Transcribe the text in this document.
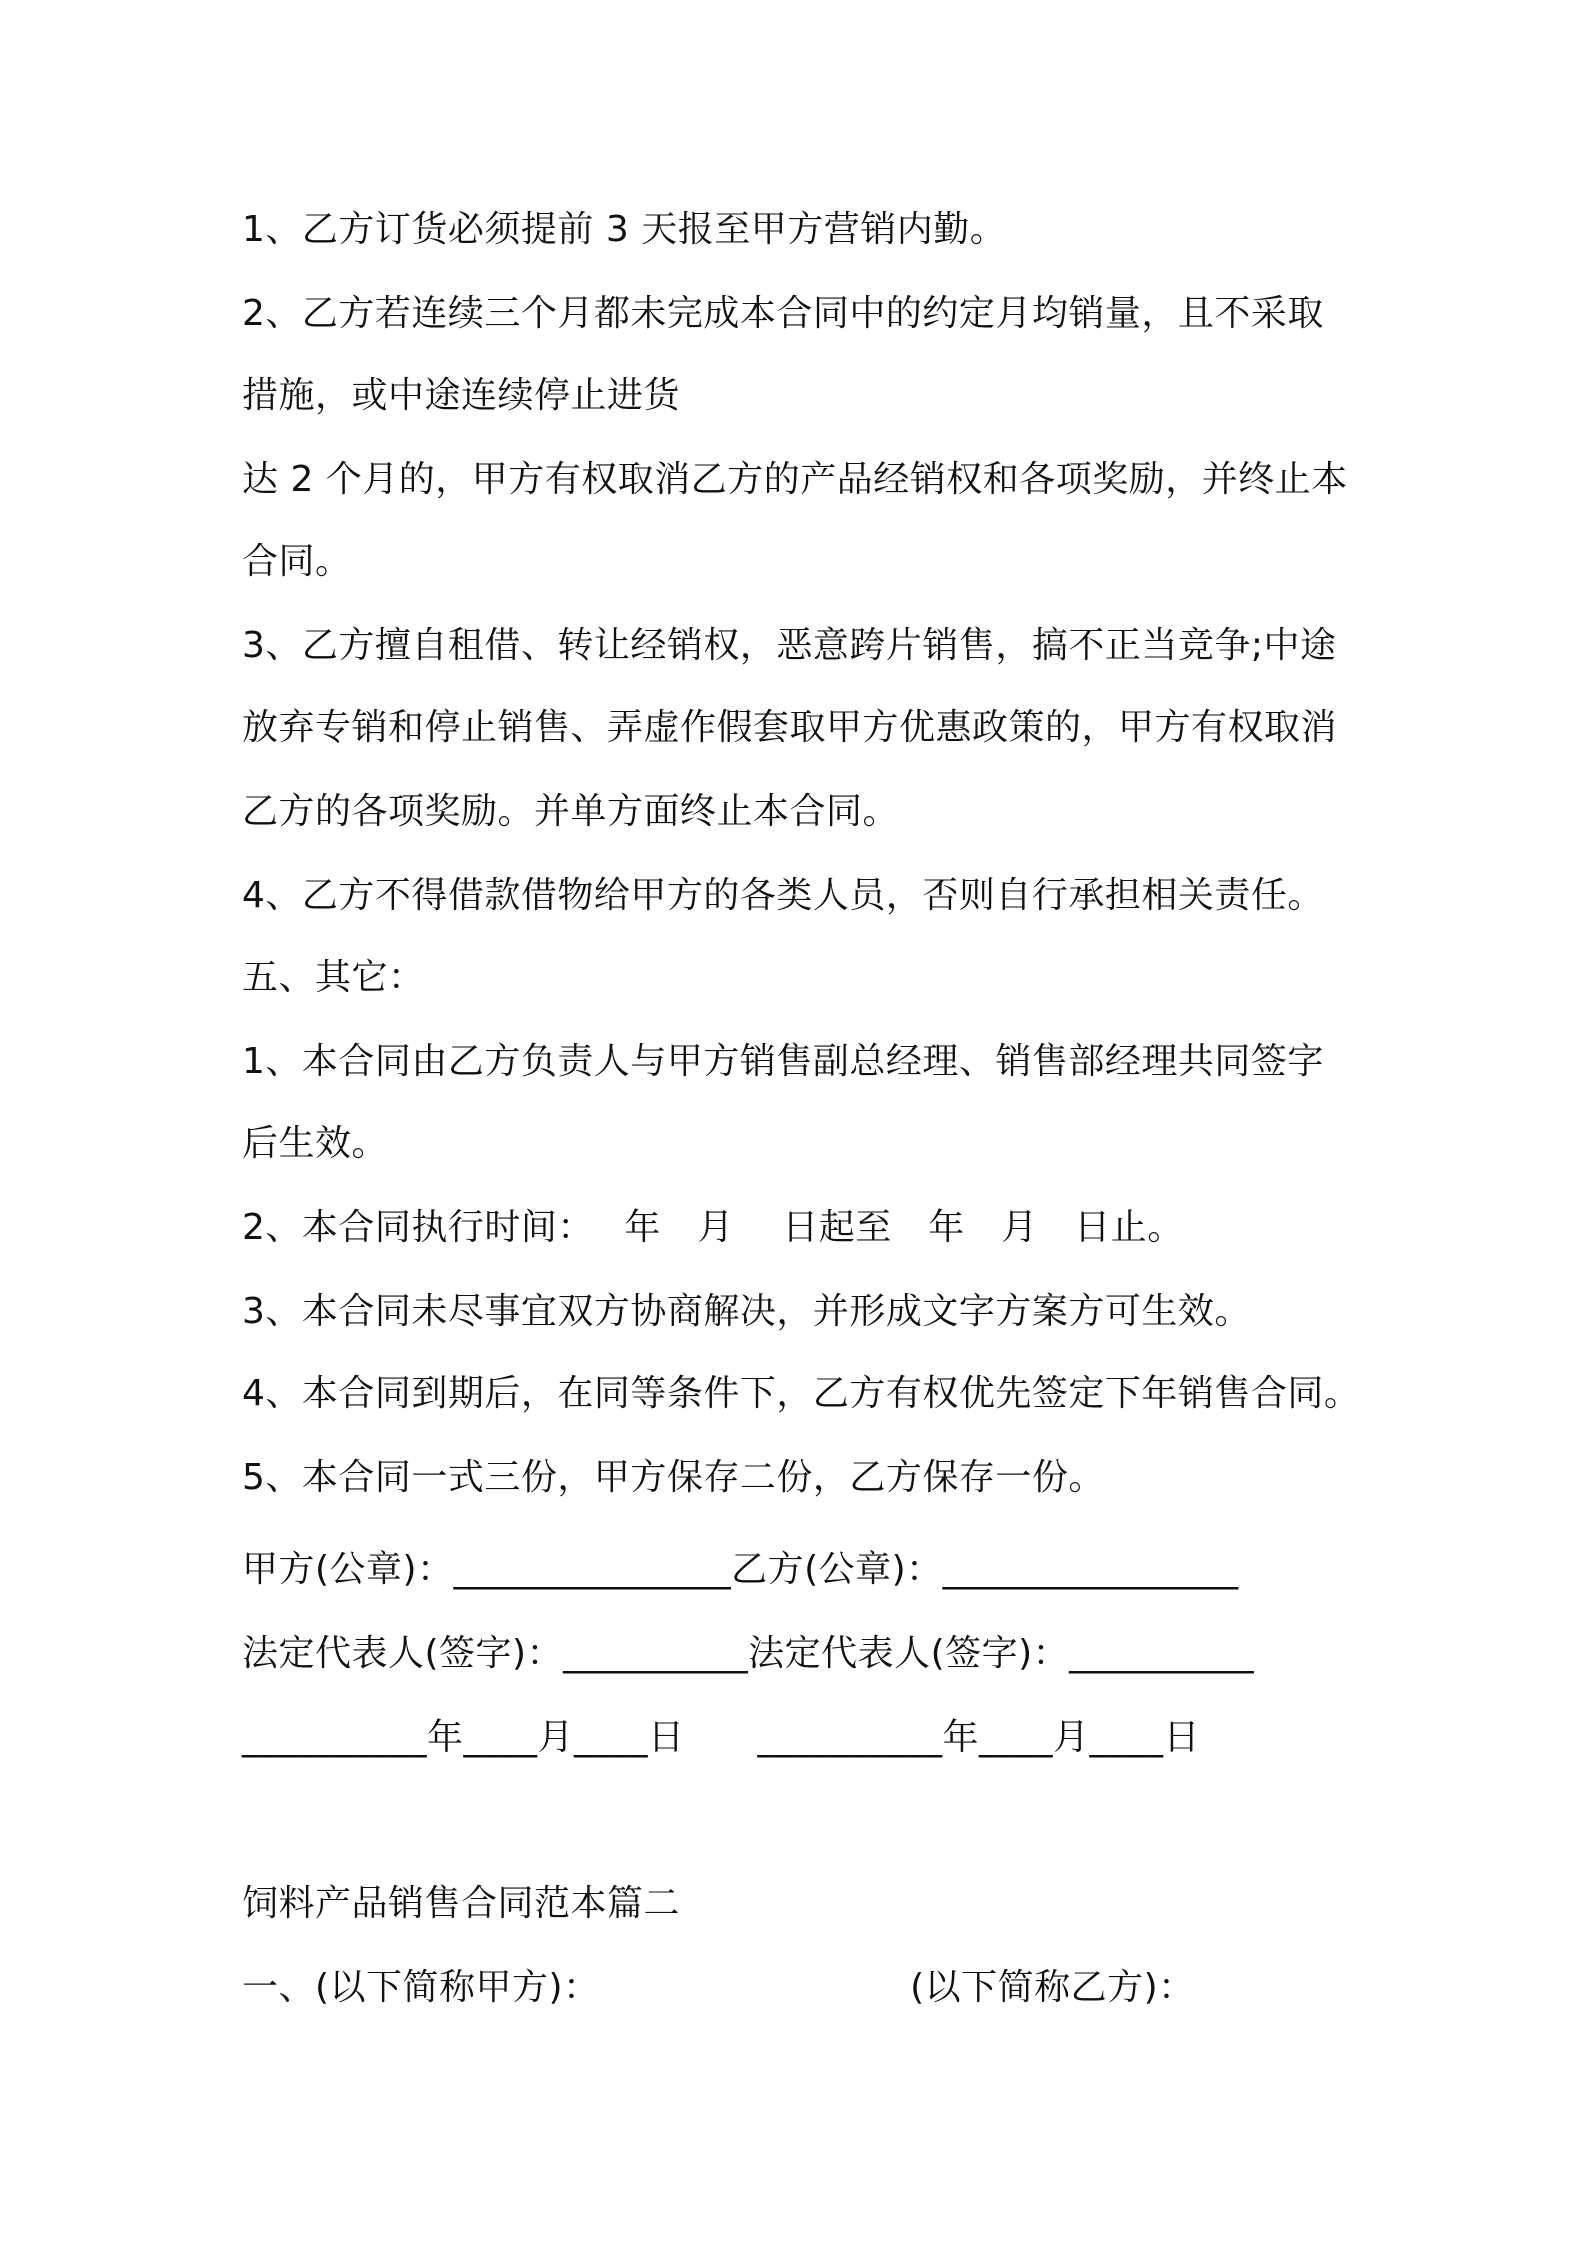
1、乙方订货必须提前 3 天报至甲方营销内勤。
2、乙方若连续三个月都未完成本合同中的约定月均销量，且不采取
措施，或中途连续停止进货
达 2 个月的，甲方有权取消乙方的产品经销权和各项奖励，并终止本
合同。
3、乙方擅自租借、转让经销权，恶意跨片销售，搞不正当竞争;中途
放弃专销和停止销售、弄虚作假套取甲方优惠政策的，甲方有权取消
乙方的各项奖励。并单方面终止本合同。
4、乙方不得借款借物给甲方的各类人员，否则自行承担相关责任。
五、其它：
1、本合同由乙方负责人与甲方销售副总经理、销售部经理共同签字
后生效。
2、本合同执行时间：　 年　月　 日起至　年　月　日止。
3、本合同未尽事宜双方协商解决，并形成文字方案方可生效。
4、本合同到期后，在同等条件下，乙方有权优先签定下年销售合同。
5、本合同一式三份，甲方保存二份，乙方保存一份。
甲方(公章)：_______________乙方(公章)：________________
法定代表人(签字)：__________法定代表人(签字)：__________
__________年____月____日　　__________年____月____日
饲料产品销售合同范本篇二
一、(以下简称甲方)：　　　　　　　　　(以下简称乙方)：
